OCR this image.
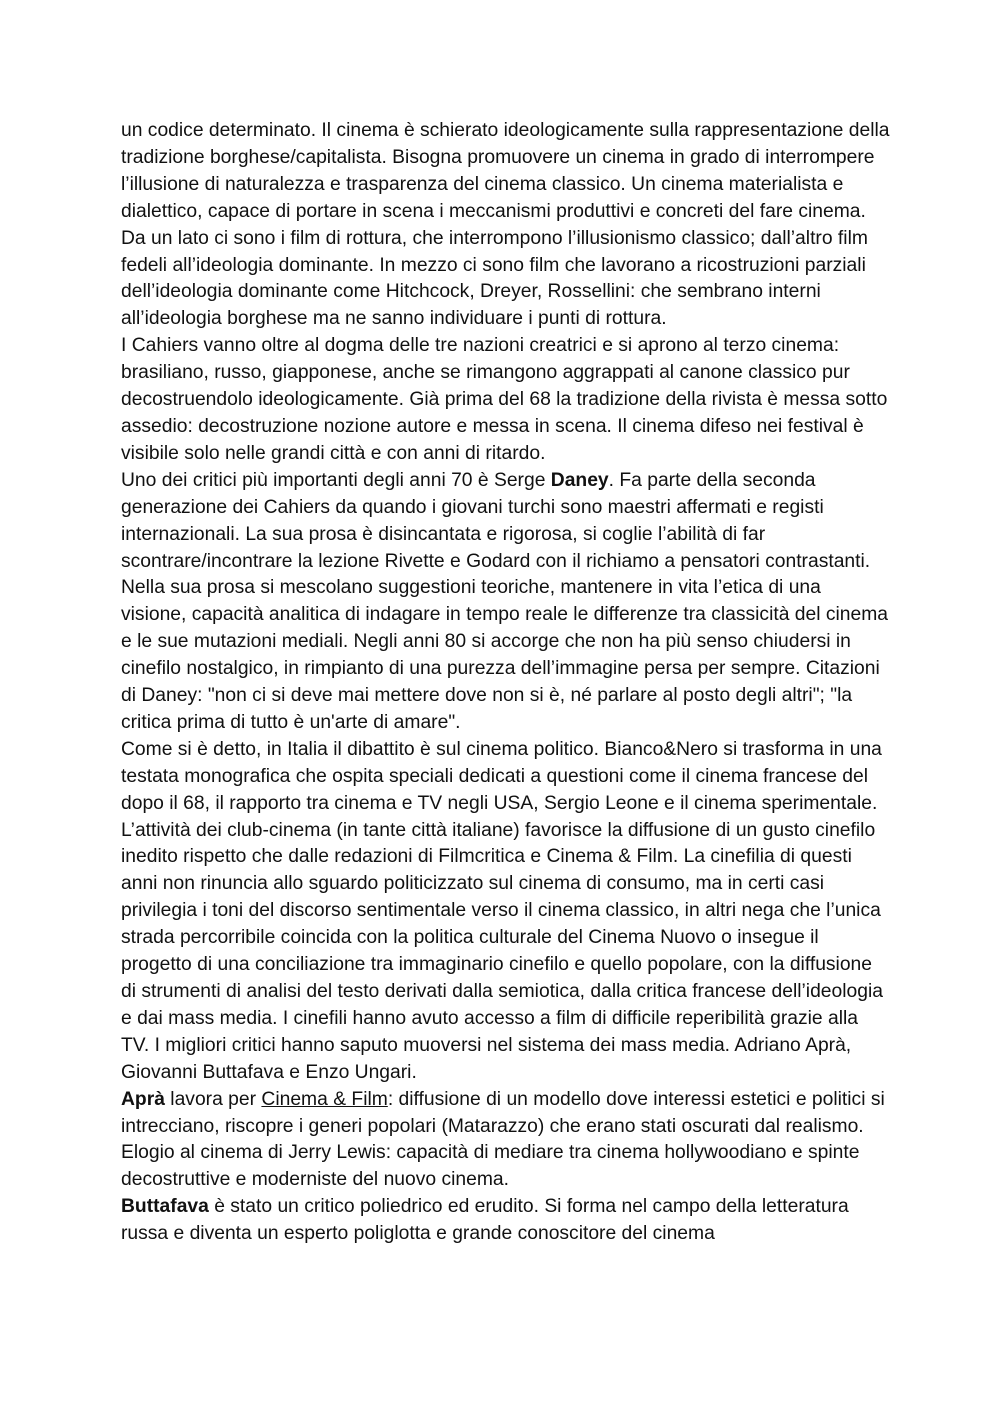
un codice determinato. Il cinema è schierato ideologicamente sulla rappresentazione della tradizione borghese/capitalista. Bisogna promuovere un cinema in grado di interrompere l’illusione di naturalezza e trasparenza del cinema classico. Un cinema materialista e dialettico, capace di portare in scena i meccanismi produttivi e concreti del fare cinema.

Da un lato ci sono i film di rottura, che interrompono l’illusionismo classico; dall’altro film fedeli all’ideologia dominante. In mezzo ci sono film che lavorano a ricostruzioni parziali dell’ideologia dominante come Hitchcock, Dreyer, Rossellini: che sembrano interni all’ideologia borghese ma ne sanno individuare i punti di rottura.

I Cahiers vanno oltre al dogma delle tre nazioni creatrici e si aprono al terzo cinema: brasiliano, russo, giapponese, anche se rimangono aggrappati al canone classico pur decostruendolo ideologicamente. Già prima del 68 la tradizione della rivista è messa sotto assedio: decostruzione nozione autore e messa in scena. Il cinema difeso nei festival è visibile solo nelle grandi città e con anni di ritardo.

Uno dei critici più importanti degli anni 70 è Serge Daney. Fa parte della seconda generazione dei Cahiers da quando i giovani turchi sono maestri affermati e registi internazionali. La sua prosa è disincantata e rigorosa, si coglie l’abilità di far scontrare/incontrare la lezione Rivette e Godard con il richiamo a pensatori contrastanti. Nella sua prosa si mescolano suggestioni teoriche, mantenere in vita l’etica di una visione, capacità analitica di indagare in tempo reale le differenze tra classicità del cinema e le sue mutazioni mediali. Negli anni 80 si accorge che non ha più senso chiudersi in cinefilo nostalgico, in rimpianto di una purezza dell’immagine persa per sempre. Citazioni di Daney: "non ci si deve mai mettere dove non si è, né parlare al posto degli altri"; "la critica prima di tutto è un'arte di amare".

Come si è detto, in Italia il dibattito è sul cinema politico. Bianco&Nero si trasforma in una testata monografica che ospita speciali dedicati a questioni come il cinema francese del dopo il 68, il rapporto tra cinema e TV negli USA, Sergio Leone e il cinema sperimentale.

L’attività dei club-cinema (in tante città italiane) favorisce la diffusione di un gusto cinefilo inedito rispetto che dalle redazioni di Filmcritica e Cinema & Film. La cinefilia di questi anni non rinuncia allo sguardo politicizzato sul cinema di consumo, ma in certi casi privilegia i toni del discorso sentimentale verso il cinema classico, in altri nega che l’unica strada percorribile coincida con la politica culturale del Cinema Nuovo o insegue il progetto di una conciliazione tra immaginario cinefilo e quello popolare, con la diffusione di strumenti di analisi del testo derivati dalla semiotica, dalla critica francese dell’ideologia e dai mass media. I cinefili hanno avuto accesso a film di difficile reperibilità grazie alla TV. I migliori critici hanno saputo muoversi nel sistema dei mass media. Adriano Aprà, Giovanni Buttafava e Enzo Ungari.

Aprà lavora per Cinema & Film: diffusione di un modello dove interessi estetici e politici si intrecciano, riscopre i generi popolari (Matarazzo) che erano stati oscurati dal realismo. Elogio al cinema di Jerry Lewis: capacità di mediare tra cinema hollywoodiano e spinte decostruttive e moderniste del nuovo cinema.

Buttafava è stato un critico poliedrico ed erudito. Si forma nel campo della letteratura russa e diventa un esperto poliglotta e grande conoscitore del cinema
